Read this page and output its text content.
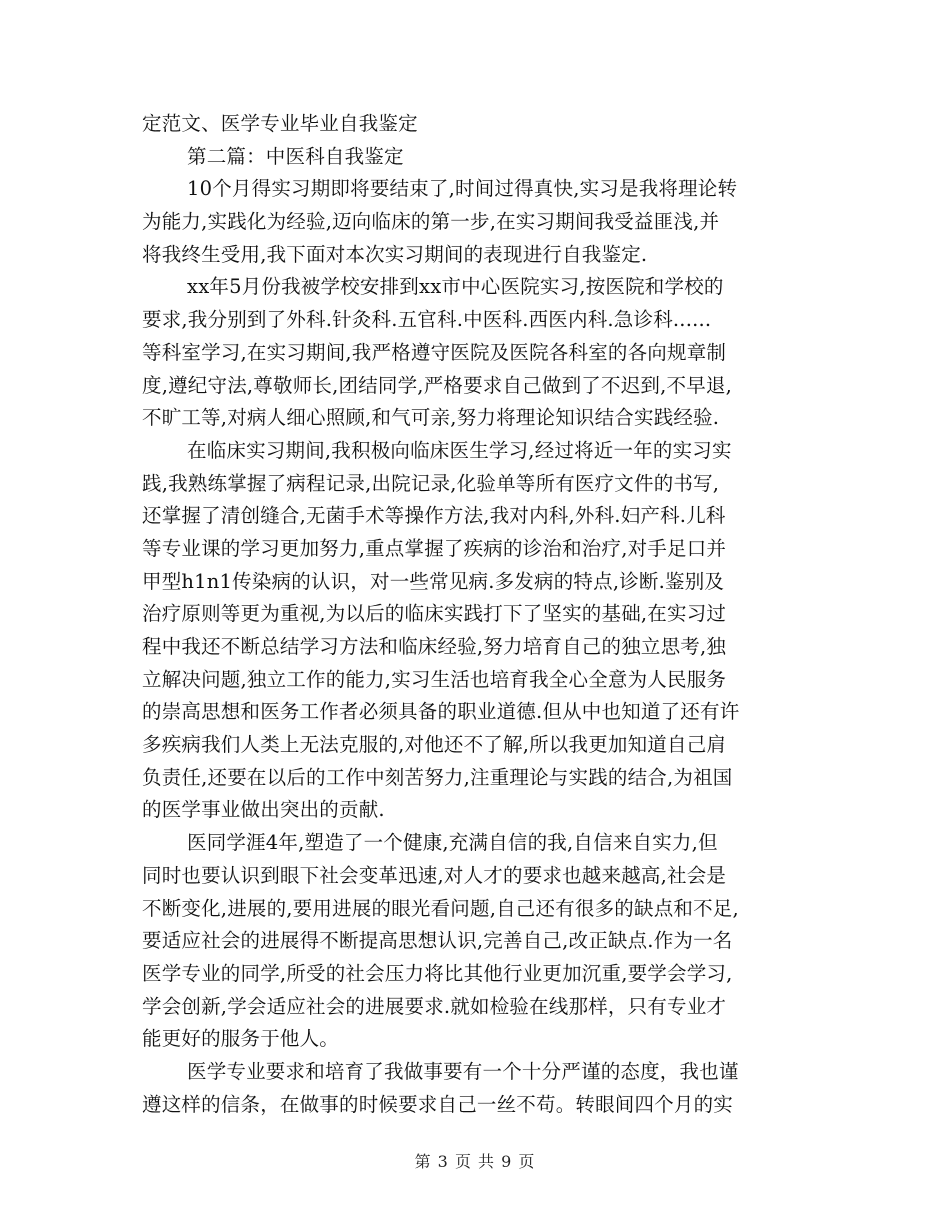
定范文、医学专业毕业自我鉴定
第二篇：中医科自我鉴定
10个月得实习期即将要结束了,时间过得真快,实习是我将理论转
为能力,实践化为经验,迈向临床的第一步,在实习期间我受益匪浅,并
将我终生受用,我下面对本次实习期间的表现进行自我鉴定.
xx年5月份我被学校安排到xx市中心医院实习,按医院和学校的
要求,我分别到了外科.针灸科.五官科.中医科.西医内科.急诊科......
等科室学习,在实习期间,我严格遵守医院及医院各科室的各向规章制
度,遵纪守法,尊敬师长,团结同学,严格要求自己做到了不迟到,不早退,
不旷工等,对病人细心照顾,和气可亲,努力将理论知识结合实践经验.
在临床实习期间,我积极向临床医生学习,经过将近一年的实习实
践,我熟练掌握了病程记录,出院记录,化验单等所有医疗文件的书写,
还掌握了清创缝合,无菌手术等操作方法,我对内科,外科.妇产科.儿科
等专业课的学习更加努力,重点掌握了疾病的诊治和治疗,对手足口并
甲型h1n1传染病的认识，对一些常见病.多发病的特点,诊断.鉴别及
治疗原则等更为重视,为以后的临床实践打下了坚实的基础,在实习过
程中我还不断总结学习方法和临床经验,努力培育自己的独立思考,独
立解决问题,独立工作的能力,实习生活也培育我全心全意为人民服务
的崇高思想和医务工作者必须具备的职业道德.但从中也知道了还有许
多疾病我们人类上无法克服的,对他还不了解,所以我更加知道自己肩
负责任,还要在以后的工作中刻苦努力,注重理论与实践的结合,为祖国
的医学事业做出突出的贡献.
医同学涯4年,塑造了一个健康,充满自信的我,自信来自实力,但
同时也要认识到眼下社会变革迅速,对人才的要求也越来越高,社会是
不断变化,进展的,要用进展的眼光看问题,自己还有很多的缺点和不足,
要适应社会的进展得不断提高思想认识,完善自己,改正缺点.作为一名
医学专业的同学,所受的社会压力将比其他行业更加沉重,要学会学习,
学会创新,学会适应社会的进展要求.就如检验在线那样，只有专业才
能更好的服务于他人。
医学专业要求和培育了我做事要有一个十分严谨的态度，我也谨
遵这样的信条，在做事的时候要求自己一丝不苟。转眼间四个月的实
第 3 页 共 9 页
